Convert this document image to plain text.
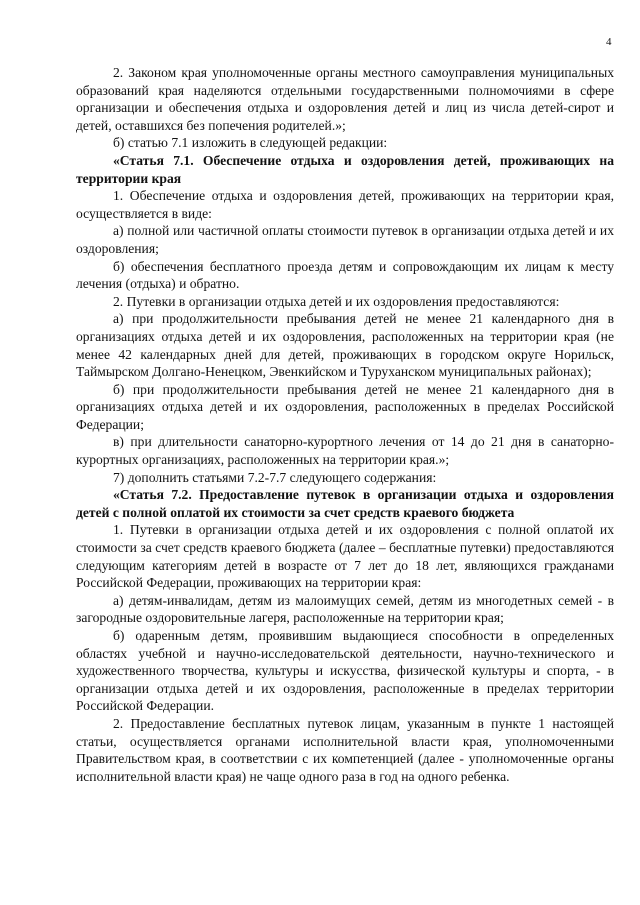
4

2. Законом края уполномоченные органы местного самоуправления муниципальных образований края наделяются отдельными государственными полномочиями в сфере организации и обеспечения отдыха и оздоровления детей и лиц из числа детей-сирот и детей, оставшихся без попечения родителей.»;

б) статью 7.1 изложить в следующей редакции:

«Статья 7.1. Обеспечение отдыха и оздоровления детей, проживающих на территории края

1. Обеспечение отдыха и оздоровления детей, проживающих на территории края, осуществляется в виде:

а) полной или частичной оплаты стоимости путевок в организации отдыха детей и их оздоровления;

б) обеспечения бесплатного проезда детям и сопровождающим их лицам к месту лечения (отдыха) и обратно.

2. Путевки в организации отдыха детей и их оздоровления предоставляются:

а) при продолжительности пребывания детей не менее 21 календарного дня в организациях отдыха детей и их оздоровления, расположенных на территории края (не менее 42 календарных дней для детей, проживающих в городском округе Норильск, Таймырском Долгано-Ненецком, Эвенкийском и Туруханском муниципальных районах);

б) при продолжительности пребывания детей не менее 21 календарного дня в организациях отдыха детей и их оздоровления, расположенных в пределах Российской Федерации;

в) при длительности санаторно-курортного лечения от 14 до 21 дня в санаторно-курортных организациях, расположенных на территории края.»;

7) дополнить статьями 7.2-7.7 следующего содержания:

«Статья 7.2. Предоставление путевок в организации отдыха и оздоровления детей с полной оплатой их стоимости за счет средств краевого бюджета

1. Путевки в организации отдыха детей и их оздоровления с полной оплатой их стоимости за счет средств краевого бюджета (далее – бесплатные путевки) предоставляются следующим категориям детей в возрасте от 7 лет до 18 лет, являющихся гражданами Российской Федерации, проживающих на территории края:

а) детям-инвалидам, детям из малоимущих семей, детям из многодетных семей - в загородные оздоровительные лагеря, расположенные на территории края;

б) одаренным детям, проявившим выдающиеся способности в определенных областях учебной и научно-исследовательской деятельности, научно-технического и художественного творчества, культуры и искусства, физической культуры и спорта, - в организации отдыха детей и их оздоровления, расположенные в пределах территории Российской Федерации.

2. Предоставление бесплатных путевок лицам, указанным в пункте 1 настоящей статьи, осуществляется органами исполнительной власти края, уполномоченными Правительством края, в соответствии с их компетенцией (далее - уполномоченные органы исполнительной власти края) не чаще одного раза в год на одного ребенка.
